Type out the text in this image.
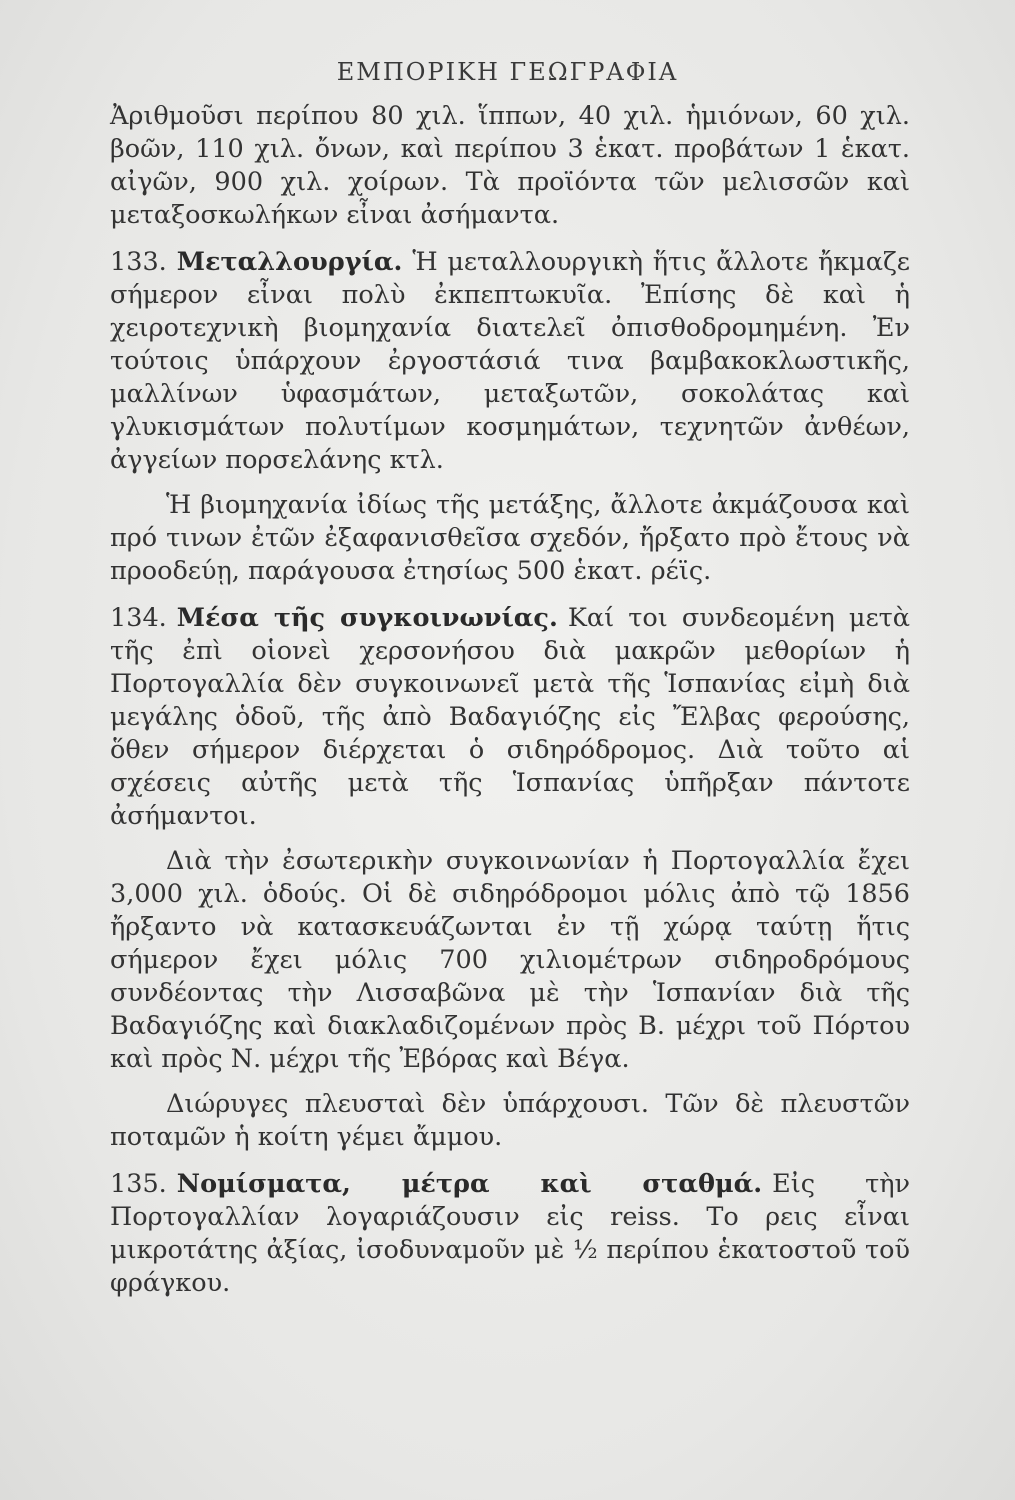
ΕΜΠΟΡΙΚΗ ΓΕΩΓΡΑΦΙΑ

Ἀριθμοῦσι περίπου 80 χιλ. ἵππων, 40 χιλ. ἡμιόνων, 60 χιλ. βοῶν, 110 χιλ. ὄνων, καὶ περίπου 3 ἑκατ. προβάτων 1 ἑκατ. αἰγῶν, 900 χιλ. χοίρων. Τὰ προϊόντα τῶν μελισσῶν καὶ μεταξοσκωλήκων εἶναι ἀσήμαντα.

133. Μεταλλουργία. Ἡ μεταλλουργικὴ ἥτις ἄλλοτε ἤκμαζε σήμερον εἶναι πολὺ ἐκπεπτωκυῖα. Ἐπίσης δὲ καὶ ἡ χειροτεχνικὴ βιομηχανία διατελεῖ ὀπισθοδρομημένη. Ἐν τούτοις ὑπάρχουν ἐργοστάσιά τινα βαμβακοκλωστικῆς, μαλλίνων ὑφασμάτων, μεταξωτῶν, σοκολάτας καὶ γλυκισμάτων πολυτίμων κοσμημάτων, τεχνητῶν ἀνθέων, ἀγγείων πορσελάνης κτλ.

Ἡ βιομηχανία ἰδίως τῆς μετάξης, ἄλλοτε ἀκμάζουσα καὶ πρό τινων ἐτῶν ἐξαφανισθεῖσα σχεδόν, ἤρξατο πρὸ ἔτους νὰ προοδεύῃ, παράγουσα ἐτησίως 500 ἑκατ. ρέϊς.

134. Μέσα τῆς συγκοινωνίας. Καί τοι συνδεομένη μετὰ τῆς ἐπὶ οἱονεὶ χερσονήσου διὰ μακρῶν μεθορίων ἡ Πορτογαλλία δὲν συγκοινωνεῖ μετὰ τῆς Ἱσπανίας εἰμὴ διὰ μεγάλης ὁδοῦ, τῆς ἀπὸ Βαδαγιόζης εἰς Ἔλβας φερούσης, ὅθεν σήμερον διέρχεται ὁ σιδηρόδρομος. Διὰ τοῦτο αἱ σχέσεις αὐτῆς μετὰ τῆς Ἱσπανίας ὑπῆρξαν πάντοτε ἀσήμαντοι.

Διὰ τὴν ἐσωτερικὴν συγκοινωνίαν ἡ Πορτογαλλία ἔχει 3,000 χιλ. ὁδούς. Οἱ δὲ σιδηρόδρομοι μόλις ἀπὸ τῷ 1856 ἤρξαντο νὰ κατασκευάζωνται ἐν τῇ χώρᾳ ταύτῃ ἥτις σήμερον ἔχει μόλις 700 χιλιομέτρων σιδηροδρόμους συνδέοντας τὴν Λισσαβῶνα μὲ τὴν Ἱσπανίαν διὰ τῆς Βαδαγιόζης καὶ διακλαδιζομένων πρὸς Β. μέχρι τοῦ Πόρτου καὶ πρὸς Ν. μέχρι τῆς Ἐβόρας καὶ Βέγα.

Διώρυγες πλευσταὶ δὲν ὑπάρχουσι. Τῶν δὲ πλευστῶν ποταμῶν ἡ κοίτη γέμει ἄμμου.

135. Νομίσματα, μέτρα καὶ σταθμά. Εἰς τὴν Πορτογαλλίαν λογαριάζουσιν εἰς reiss. Το ρεις εἶναι μικροτάτης ἀξίας, ἰσοδυναμοῦν μὲ ½ περίπου ἑκατοστοῦ τοῦ φράγκου.
